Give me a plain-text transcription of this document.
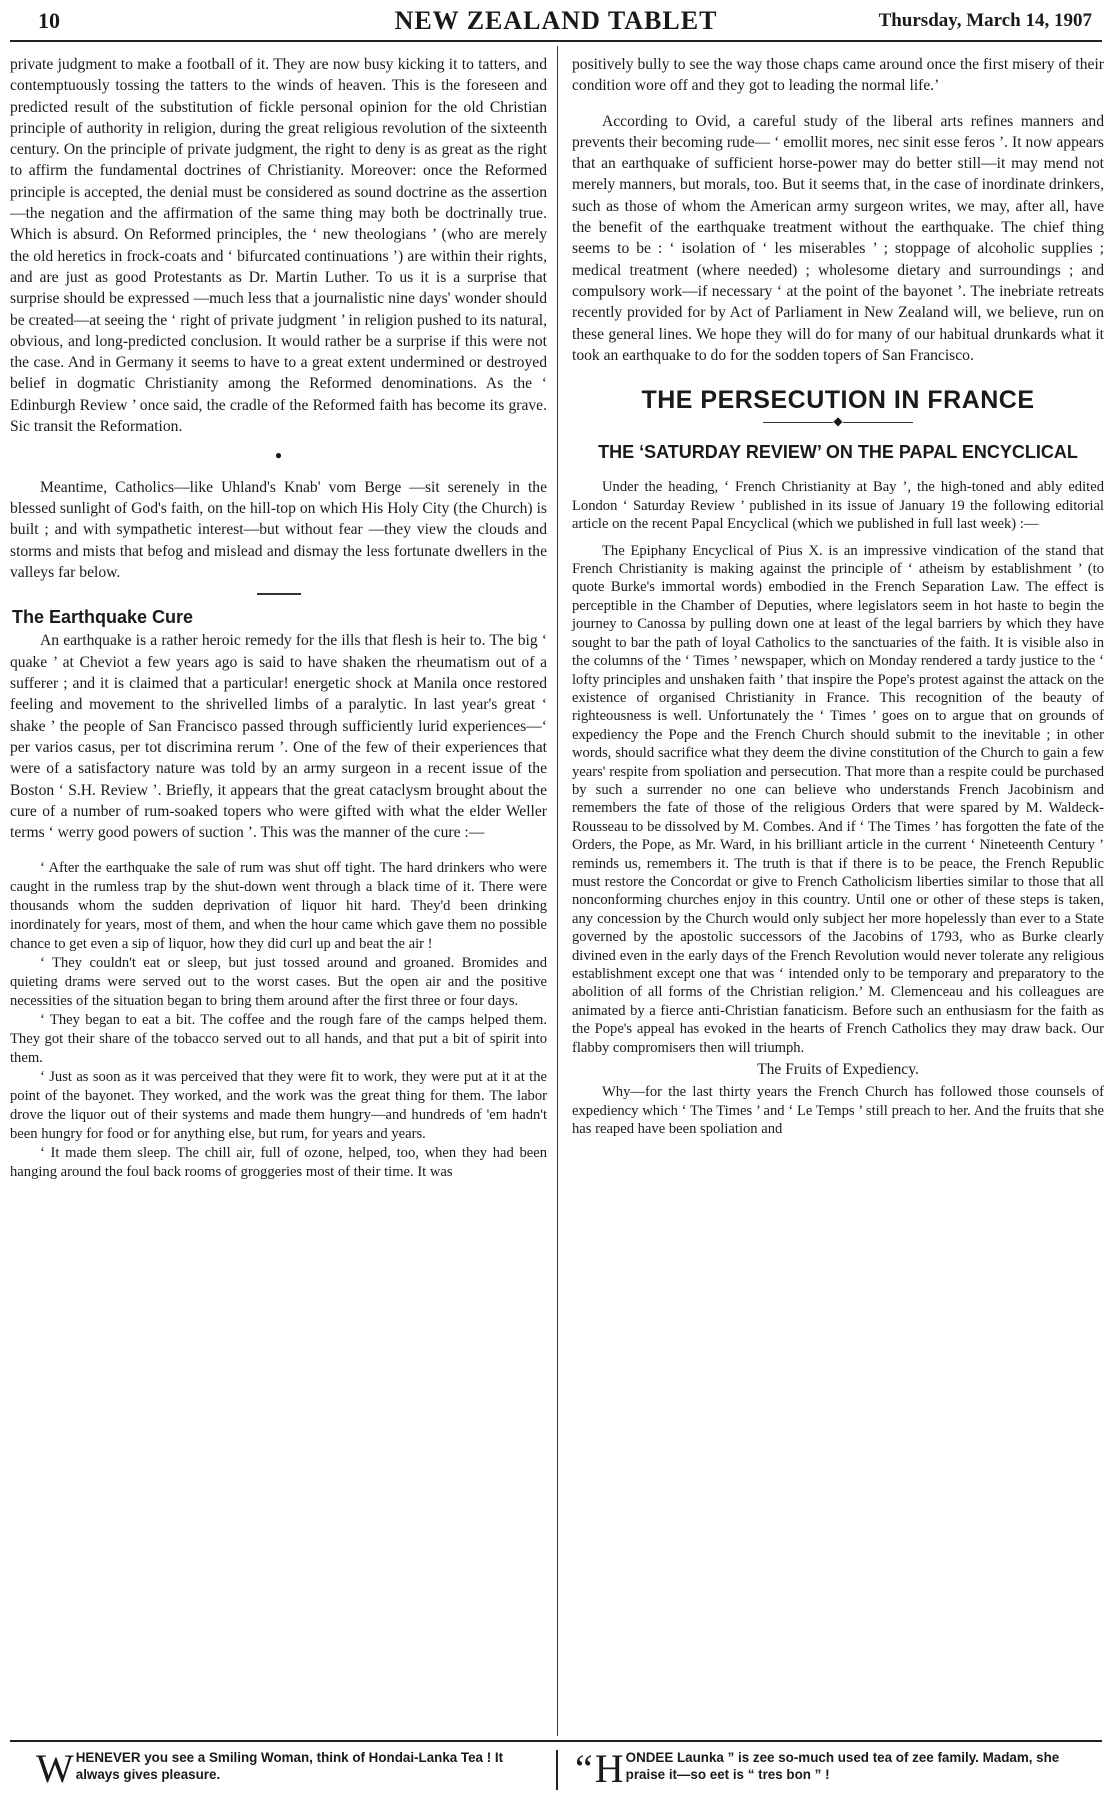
10	NEW ZEALAND TABLET	Thursday, March 14, 1907

private judgment to make a football of it. They are now busy kicking it to tatters, and contemptuously tossing the tatters to the winds of heaven. This is the foreseen and predicted result of the substitution of fickle personal opinion for the old Christian principle of authority in religion, during the great religious revolution of the sixteenth century. On the principle of private judgment, the right to deny is as great as the right to affirm the fundamental doctrines of Christianity. Moreover: once the Reformed principle is accepted, the denial must be considered as sound doctrine as the assertion—the negation and the affirmation of the same thing may both be doctrinally true. Which is absurd. On Reformed principles, the ‘ new theologians ’ (who are merely the old heretics in frock-coats and ‘ bifurcated continuations ’) are within their rights, and are just as good Protestants as Dr. Martin Luther. To us it is a surprise that surprise should be expressed —much less that a journalistic nine days' wonder should be created—at seeing the ‘ right of private judgment ’ in religion pushed to its natural, obvious, and long-predicted conclusion. It would rather be a surprise if this were not the case. And in Germany it seems to have to a great extent undermined or destroyed belief in dogmatic Christianity among the Reformed denominations. As the ‘ Edinburgh Review ’ once said, the cradle of the Reformed faith has become its grave. Sic transit the Reformation.

●

Meantime, Catholics—like Uhland's Knab' vom Berge —sit serenely in the blessed sunlight of God's faith, on the hill-top on which His Holy City (the Church) is built ; and with sympathetic interest—but without fear —they view the clouds and storms and mists that befog and mislead and dismay the less fortunate dwellers in the valleys far below.

The Earthquake Cure

An earthquake is a rather heroic remedy for the ills that flesh is heir to. The big ‘ quake ’ at Cheviot a few years ago is said to have shaken the rheumatism out of a sufferer ; and it is claimed that a particular! energetic shock at Manila once restored feeling and movement to the shrivelled limbs of a paralytic. In last year's great ‘ shake ’ the people of San Francisco passed through sufficiently lurid experiences—‘ per varios casus, per tot discrimina rerum ’. One of the few of their experiences that were of a satisfactory nature was told by an army surgeon in a recent issue of the Boston ‘ S.H. Review ’. Briefly, it appears that the great cataclysm brought about the cure of a number of rum-soaked topers who were gifted with what the elder Weller terms ‘ werry good powers of suction ’. This was the manner of the cure :—

‘ After the earthquake the sale of rum was shut off tight. The hard drinkers who were caught in the rumless trap by the shut-down went through a black time of it. There were thousands whom the sudden deprivation of liquor hit hard. They'd been drinking inordinately for years, most of them, and when the hour came which gave them no possible chance to get even a sip of liquor, how they did curl up and beat the air !

‘ They couldn't eat or sleep, but just tossed around and groaned. Bromides and quieting drams were served out to the worst cases. But the open air and the positive necessities of the situation began to bring them around after the first three or four days.

‘ They began to eat a bit. The coffee and the rough fare of the camps helped them. They got their share of the tobacco served out to all hands, and that put a bit of spirit into them.

‘ Just as soon as it was perceived that they were fit to work, they were put at it at the point of the bayonet. They worked, and the work was the great thing for them. The labor drove the liquor out of their systems and made them hungry—and hundreds of 'em hadn't been hungry for food or for anything else, but rum, for years and years.

‘ It made them sleep. The chill air, full of ozone, helped, too, when they had been hanging around the foul back rooms of groggeries most of their time. It was

positively bully to see the way those chaps came around once the first misery of their condition wore off and they got to leading the normal life.’

According to Ovid, a careful study of the liberal arts refines manners and prevents their becoming rude— ‘ emollit mores, nec sinit esse feros ’. It now appears that an earthquake of sufficient horse-power may do better still—it may mend not merely manners, but morals, too. But it seems that, in the case of inordinate drinkers, such as those of whom the American army surgeon writes, we may, after all, have the benefit of the earthquake treatment without the earthquake. The chief thing seems to be : ‘ isolation of ‘ les miserables ’ ; stoppage of alcoholic supplies ; medical treatment (where needed) ; wholesome dietary and surroundings ; and compulsory work—if necessary ‘ at the point of the bayonet ’. The inebriate retreats recently provided for by Act of Parliament in New Zealand will, we believe, run on these general lines. We hope they will do for many of our habitual drunkards what it took an earthquake to do for the sodden topers of San Francisco.

THE PERSECUTION IN FRANCE
◆
THE ‘SATURDAY REVIEW’ ON THE PAPAL ENCYCLICAL

Under the heading, ‘ French Christianity at Bay ’, the high-toned and ably edited London ‘ Saturday Review ’ published in its issue of January 19 the following editorial article on the recent Papal Encyclical (which we published in full last week) :—

The Epiphany Encyclical of Pius X. is an impressive vindication of the stand that French Christianity is making against the principle of ‘ atheism by establishment ’ (to quote Burke's immortal words) embodied in the French Separation Law. The effect is perceptible in the Chamber of Deputies, where legislators seem in hot haste to begin the journey to Canossa by pulling down one at least of the legal barriers by which they have sought to bar the path of loyal Catholics to the sanctuaries of the faith. It is visible also in the columns of the ‘ Times ’ newspaper, which on Monday rendered a tardy justice to the ‘ lofty principles and unshaken faith ’ that inspire the Pope's protest against the attack on the existence of organised Christianity in France. This recognition of the beauty of righteousness is well. Unfortunately the ‘ Times ’ goes on to argue that on grounds of expediency the Pope and the French Church should submit to the inevitable ; in other words, should sacrifice what they deem the divine constitution of the Church to gain a few years' respite from spoliation and persecution. That more than a respite could be purchased by such a surrender no one can believe who understands French Jacobinism and remembers the fate of those of the religious Orders that were spared by M. Waldeck-Rousseau to be dissolved by M. Combes. And if ‘ The Times ’ has forgotten the fate of the Orders, the Pope, as Mr. Ward, in his brilliant article in the current ‘ Nineteenth Century ’ reminds us, remembers it. The truth is that if there is to be peace, the French Republic must restore the Concordat or give to French Catholicism liberties similar to those that all nonconforming churches enjoy in this country. Until one or other of these steps is taken, any concession by the Church would only subject her more hopelessly than ever to a State governed by the apostolic successors of the Jacobins of 1793, who as Burke clearly divined even in the early days of the French Revolution would never tolerate any religious establishment except one that was ‘ intended only to be temporary and preparatory to the abolition of all forms of the Christian religion.’ M. Clemenceau and his colleagues are animated by a fierce anti-Christian fanaticism. Before such an enthusiasm for the faith as the Pope's appeal has evoked in the hearts of French Catholics they may draw back. Our flabby compromisers then will triumph.

The Fruits of Expediency.

Why—for the last thirty years the French Church has followed those counsels of expediency which ‘ The Times ’ and ‘ Le Temps ’ still preach to her. And the fruits that she has reaped have been spoliation and

W HENEVER you see a Smiling Woman, think of Hondai-Lanka Tea ! It always gives pleasure.	“ H ONDEE Launka ” is zee so-much used tea of zee family. Madam, she praise it—so eet is “ tres bon ” !
